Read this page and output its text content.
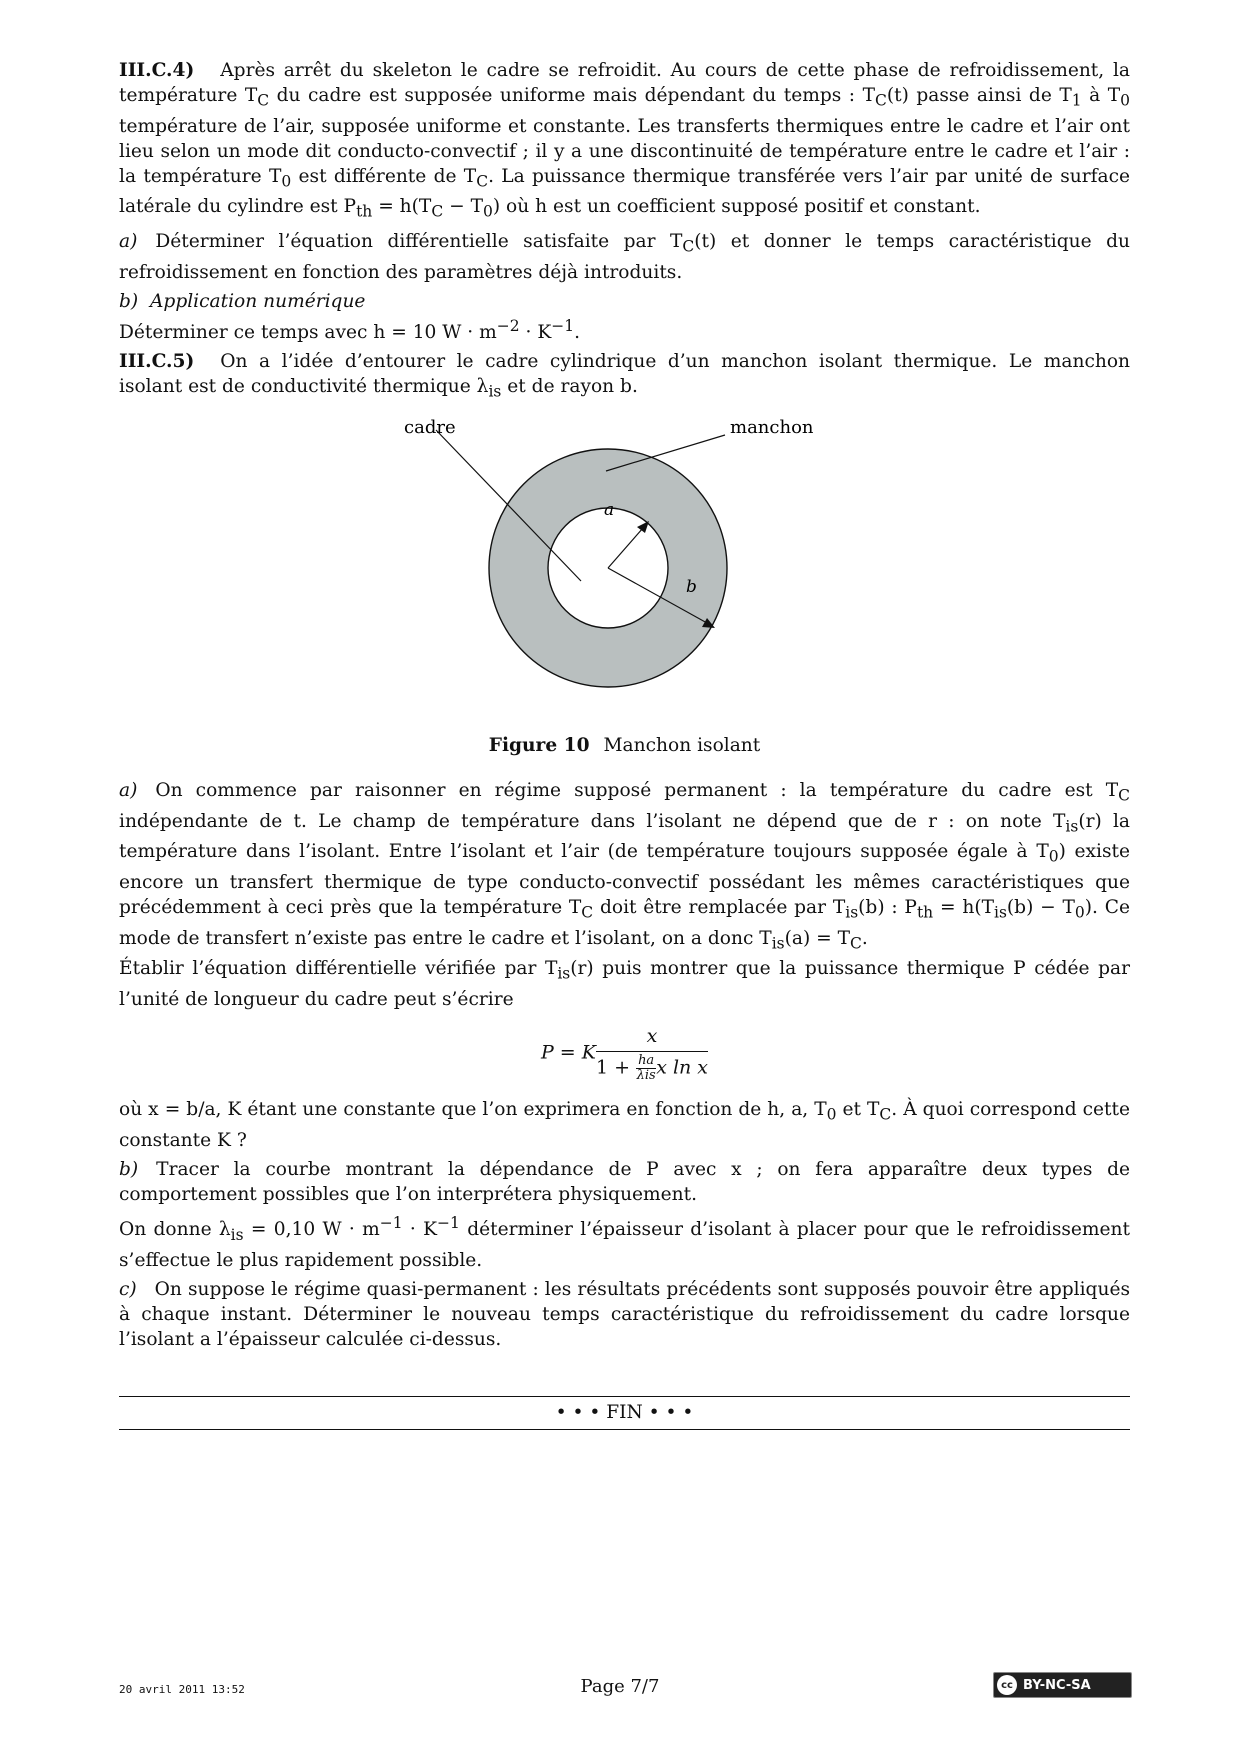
III.C.4) Après arrêt du skeleton le cadre se refroidit. Au cours de cette phase de refroidissement, la température $T_C$ du cadre est supposée uniforme mais dépendant du temps : $T_C(t)$ passe ainsi de $T_1$ à $T_0$ température de l’air, supposée uniforme et constante. Les transferts thermiques entre le cadre et l’air ont lieu selon un mode dit conducto-convectif ; il y a une discontinuité de température entre le cadre et l’air : la température $T_0$ est différente de $T_C$. La puissance thermique transférée vers l’air par unité de surface latérale du cylindre est $P_{th} = h(T_C - T_0)$ où h est un coefficient supposé positif et constant.

a) Déterminer l’équation différentielle satisfaite par $T_C(t)$ et donner le temps caractéristique du refroidissement en fonction des paramètres déjà introduits.

b) Application numérique

Déterminer ce temps avec h = 10 $W \cdot m^{-2} \cdot K^{-1}$.

III.C.5) On a l’idée d’entourer le cadre cylindrique d’un manchon isolant thermique. Le manchon isolant est de conductivité thermique $\lambda_{is}$ et de rayon b.

cadre	manchon
a
b

Figure 10 Manchon isolant

a) On commence par raisonner en régime supposé permanent : la température du cadre est $T_C$ indépendante de t. Le champ de température dans l’isolant ne dépend que de r : on note $T_{is}(r)$ la température dans l’isolant. Entre l’isolant et l’air (de température toujours supposée égale à $T_0$) existe encore un transfert thermique de type conducto-convectif possédant les mêmes caractéristiques que précédemment à ceci près que la température $T_C$ doit être remplacée par $T_{is}(b)$ : $P_{th} = h(T_{is}(b) - T_0)$. Ce mode de transfert n’existe pas entre le cadre et l’isolant, on a donc $T_{is}(a) = T_C$.

Établir l’équation différentielle vérifiée par $T_{is}(r)$ puis montrer que la puissance thermique P cédée par l’unité de longueur du cadre peut s’écrire

P = K $\frac{x}{1 + \frac{ha}{\text{λis}}x \ln x}$

où x = b/a, K étant une constante que l’on exprimera en fonction de h, a, $T_0$ et $T_C$. À quoi correspond cette constante K ?

b) Tracer la courbe montrant la dépendance de P avec x ; on fera apparaître deux types de comportement possibles que l’on interprétera physiquement.

On donne $\lambda_{is} = 0,10$ $W \cdot m^{-1} \cdot K^{-1}$ déterminer l’épaisseur d’isolant à placer pour que le refroidissement s’effectue le plus rapidement possible.

c) On suppose le régime quasi-permanent : les résultats précédents sont supposés pouvoir être appliqués à chaque instant. Déterminer le nouveau temps caractéristique du refroidissement du cadre lorsque l’isolant a l’épaisseur calculée ci-dessus.

• • • FIN • • •
20 avril 2011 13:52	Page 7/7	cc BY-NC-SA
